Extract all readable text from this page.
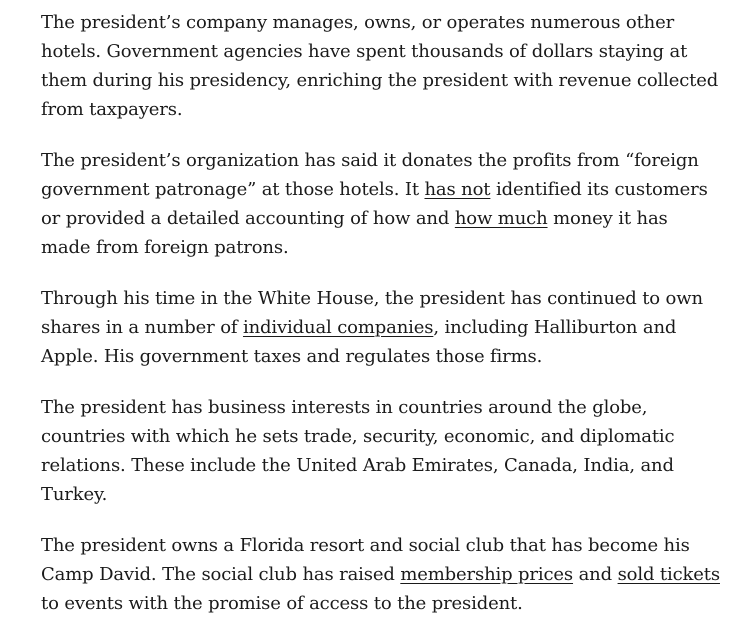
The president’s company manages, owns, or operates numerous other hotels. Government agencies have spent thousands of dollars staying at them during his presidency, enriching the president with revenue collected from taxpayers.

The president’s organization has said it donates the profits from “foreign government patronage” at those hotels. It has not identified its customers or provided a detailed accounting of how and how much money it has made from foreign patrons.

Through his time in the White House, the president has continued to own shares in a number of individual companies, including Halliburton and Apple. His government taxes and regulates those firms.

The president has business interests in countries around the globe, countries with which he sets trade, security, economic, and diplomatic relations. These include the United Arab Emirates, Canada, India, and Turkey.

The president owns a Florida resort and social club that has become his Camp David. The social club has raised membership prices and sold tickets to events with the promise of access to the president.
